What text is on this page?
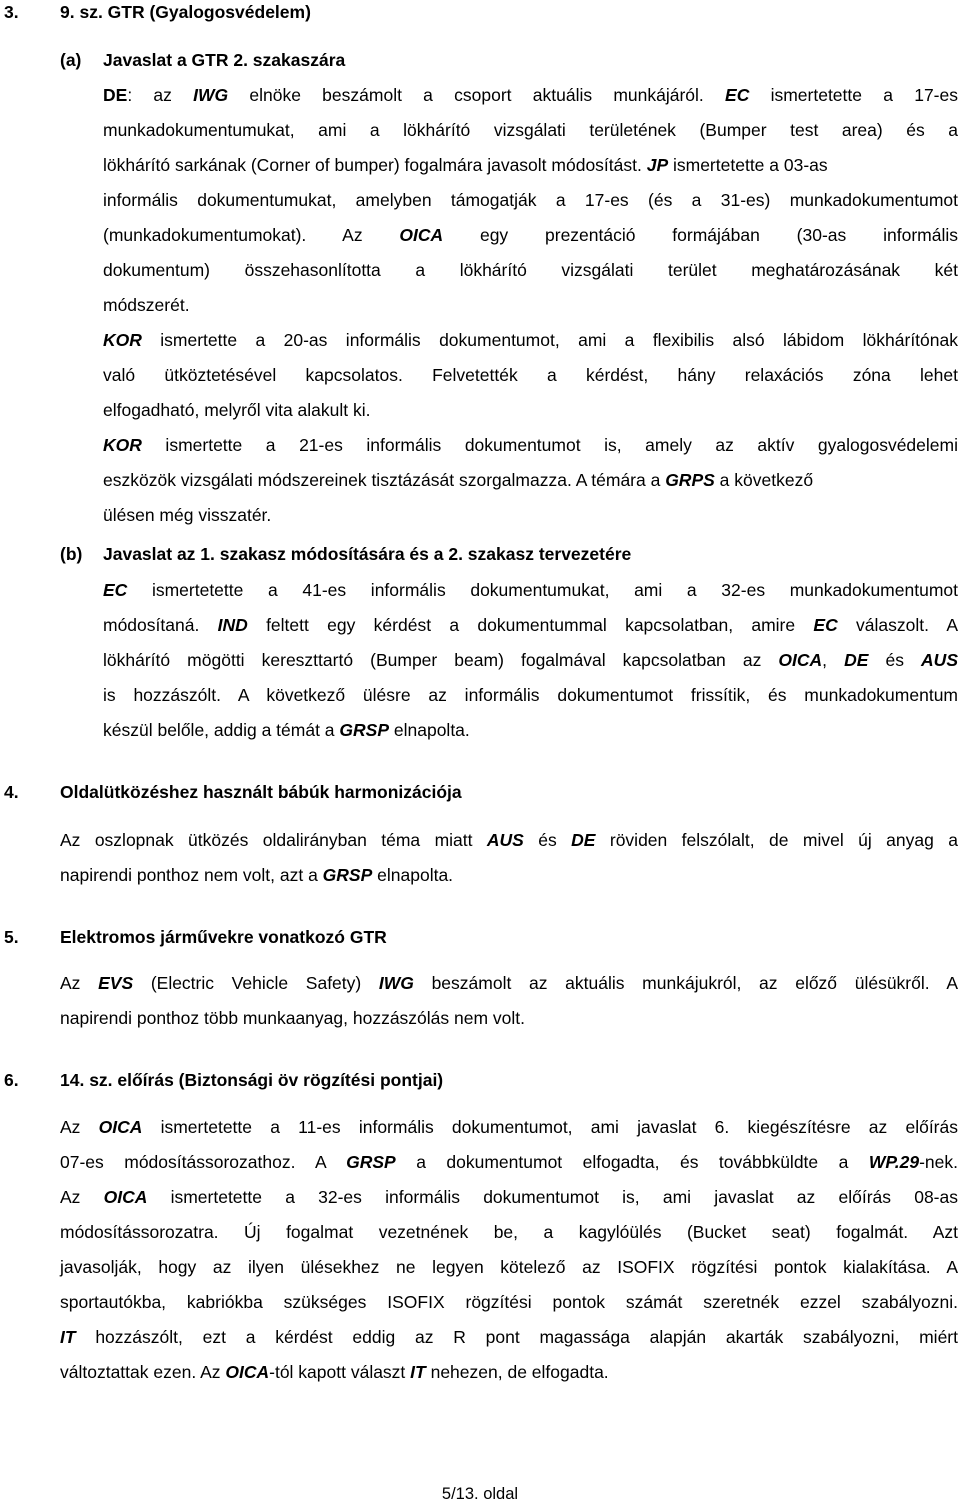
3. 9. sz. GTR (Gyalogosvédelem)
(a) Javaslat a GTR 2. szakaszára
DE: az IWG elnöke beszámolt a csoport aktuális munkájáról. EC ismertetette a 17-es
munkadokumentumukat, ami a lökhárító vizsgálati területének (Bumper test area) és a
lökhárító sarkának (Corner of bumper) fogalmára javasolt módosítást. JP ismertetette a 03-as
informális dokumentumukat, amelyben támogatják a 17-es (és a 31-es) munkadokumentumot
(munkadokumentumokat). Az OICA egy prezentáció formájában (30-as informális
dokumentum) összehasonlította a lökhárító vizsgálati terület meghatározásának két
módszerét.
KOR ismertette a 20-as informális dokumentumot, ami a flexibilis alsó lábidom lökhárítónak
való ütköztetésével kapcsolatos. Felvetették a kérdést, hány relaxációs zóna lehet
elfogadható, melyről vita alakult ki.
KOR ismertette a 21-es informális dokumentumot is, amely az aktív gyalogosvédelemi
eszközök vizsgálati módszereinek tisztázását szorgalmazza. A témára a GRPS a következő
ülésen még visszatér.
(b) Javaslat az 1. szakasz módosítására és a 2. szakasz tervezetére
EC ismertetette a 41-es informális dokumentumukat, ami a 32-es munkadokumentumot
módosítaná. IND feltett egy kérdést a dokumentummal kapcsolatban, amire EC válaszolt. A
lökhárító mögötti kereszttartó (Bumper beam) fogalmával kapcsolatban az OICA, DE és AUS
is hozzászólt. A következő ülésre az informális dokumentumot frissítik, és munkadokumentum
készül belőle, addig a témát a GRSP elnapolta.
4. Oldalütközéshez használt bábúk harmonizációja
Az oszlopnak ütközés oldalirányban téma miatt AUS és DE röviden felszólalt, de mivel új anyag a
napirendi ponthoz nem volt, azt a GRSP elnapolta.
5. Elektromos járművekre vonatkozó GTR
Az EVS (Electric Vehicle Safety) IWG beszámolt az aktuális munkájukról, az előző ülésükről. A
napirendi ponthoz több munkaanyag, hozzászólás nem volt.
6. 14. sz. előírás (Biztonsági öv rögzítési pontjai)
Az OICA ismertetette a 11-es informális dokumentumot, ami javaslat 6. kiegészítésre az előírás
07-es módosítássorozathoz. A GRSP a dokumentumot elfogadta, és továbbküldte a WP.29-nek.
Az OICA ismertetette a 32-es informális dokumentumot is, ami javaslat az előírás 08-as
módosítássorozatra. Új fogalmat vezetnének be, a kagylóülés (Bucket seat) fogalmát. Azt
javasolják, hogy az ilyen ülésekhez ne legyen kötelező az ISOFIX rögzítési pontok kialakítása. A
sportautókba, kabriókba szükséges ISOFIX rögzítési pontok számát szeretnék ezzel szabályozni.
IT hozzászólt, ezt a kérdést eddig az R pont magassága alapján akarták szabályozni, miért
változtattak ezen. Az OICA-tól kapott választ IT nehezen, de elfogadta.
5/13. oldal
